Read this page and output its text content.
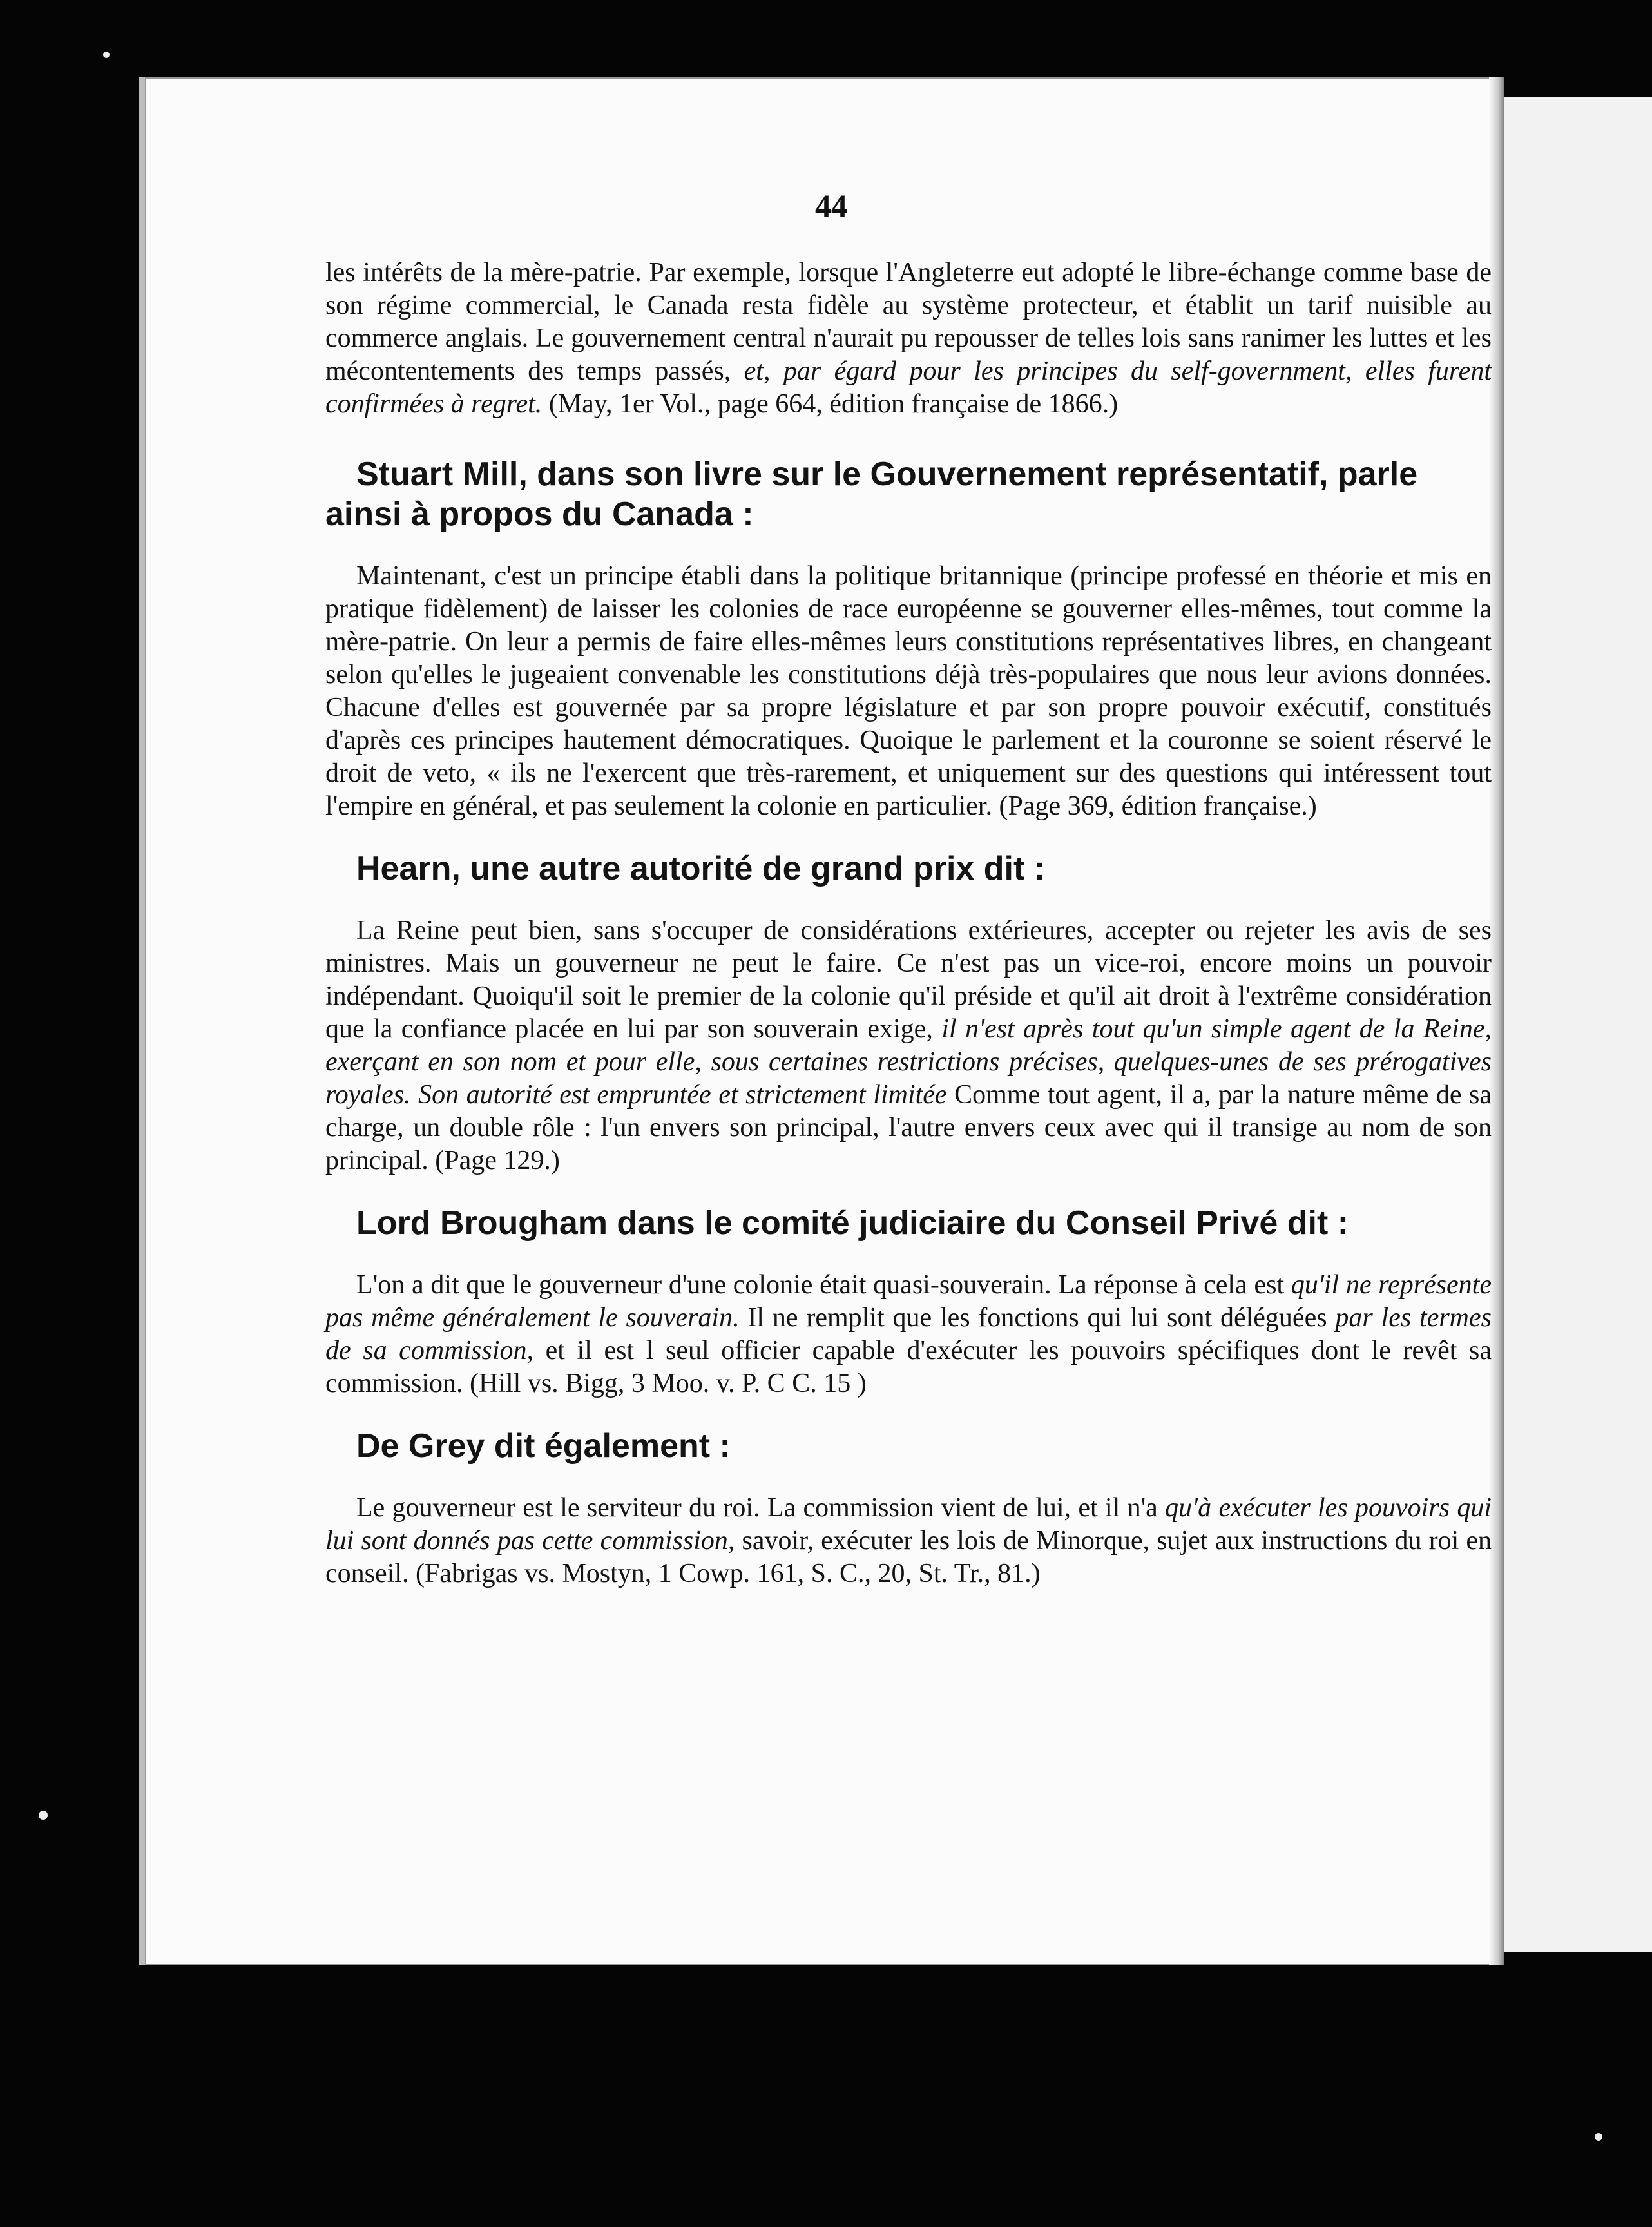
44

les intérêts de la mère-patrie. Par exemple, lorsque l'Angleterre eut adopté le libre-échange comme base de son régime commercial, le Canada resta fidèle au système protecteur, et établit un tarif nuisible au commerce anglais. Le gouvernement central n'aurait pu repousser de telles lois sans ranimer les luttes et les mécontentements des temps passés, et, par égard pour les principes du self-government, elles furent confirmées à regret. (May, 1er Vol., page 664, édition française de 1866.)

Stuart Mill, dans son livre sur le Gouvernement représentatif, parle ainsi à propos du Canada :

Maintenant, c'est un principe établi dans la politique britannique (principe professé en théorie et mis en pratique fidèlement) de laisser les colonies de race européenne se gouverner elles-mêmes, tout comme la mère-patrie. On leur a permis de faire elles-mêmes leurs constitutions représentatives libres, en changeant selon qu'elles le jugeaient convenable les constitutions déjà très-populaires que nous leur avions données. Chacune d'elles est gouvernée par sa propre législature et par son propre pouvoir exécutif, constitués d'après ces principes hautement démocratiques. Quoique le parlement et la couronne se soient réservé le droit de veto, « ils ne l'exercent que très-rarement, et uniquement sur des questions qui intéressent tout l'empire en général, et pas seulement la colonie en particulier. (Page 369, édition française.)

Hearn, une autre autorité de grand prix dit :

La Reine peut bien, sans s'occuper de considérations extérieures, accepter ou rejeter les avis de ses ministres. Mais un gouverneur ne peut le faire. Ce n'est pas un vice-roi, encore moins un pouvoir indépendant. Quoiqu'il soit le premier de la colonie qu'il préside et qu'il ait droit à l'extrême considération que la confiance placée en lui par son souverain exige, il n'est après tout qu'un simple agent de la Reine, exerçant en son nom et pour elle, sous certaines restrictions précises, quelques-unes de ses prérogatives royales. Son autorité est empruntée et strictement limitée Comme tout agent, il a, par la nature même de sa charge, un double rôle : l'un envers son principal, l'autre envers ceux avec qui il transige au nom de son principal. (Page 129.)

Lord Brougham dans le comité judiciaire du Conseil Privé dit :

L'on a dit que le gouverneur d'une colonie était quasi-souverain. La réponse à cela est qu'il ne représente pas même généralement le souverain. Il ne remplit que les fonctions qui lui sont déléguées par les termes de sa commission, et il est l seul officier capable d'exécuter les pouvoirs spécifiques dont le revêt sa commission. (Hill vs. Bigg, 3 Moo. v. P. C C. 15 )

De Grey dit également :

Le gouverneur est le serviteur du roi. La commission vient de lui, et il n'a qu'à exécuter les pouvoirs qui lui sont donnés pas cette commission, savoir, exécuter les lois de Minorque, sujet aux instructions du roi en conseil. (Fabrigas vs. Mostyn, 1 Cowp. 161, S. C., 20, St. Tr., 81.)
